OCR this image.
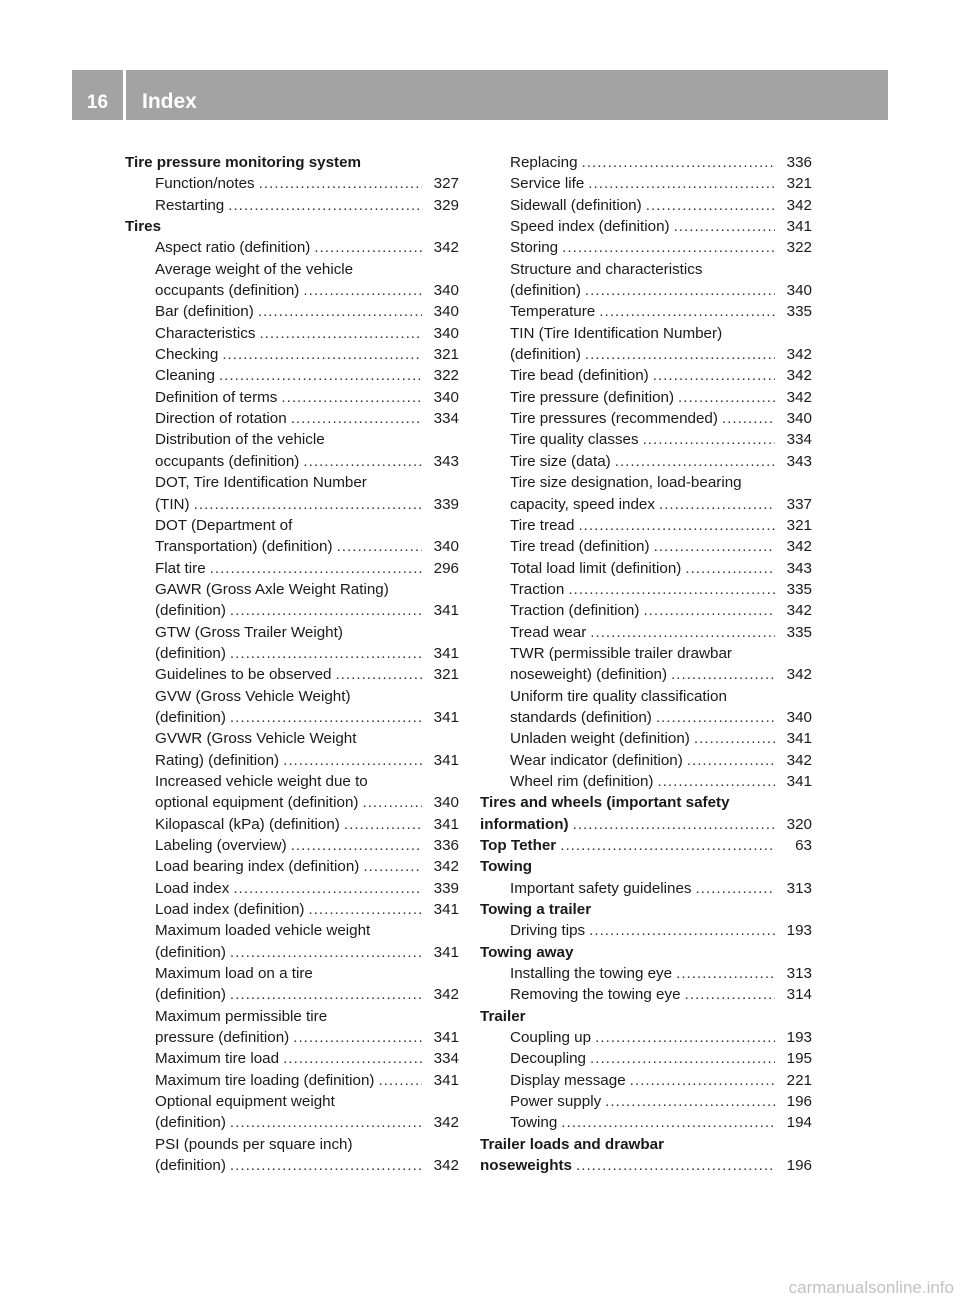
16	Index
Tire pressure monitoring system
Function/notes .....	327
Restarting .....	329
Tires
Aspect ratio (definition) .....	342
Average weight of the vehicle
occupants (definition) .....	340
Bar (definition) .....	340
Characteristics .....	340
Checking .....	321
Cleaning .....	322
Definition of terms .....	340
Direction of rotation .....	334
Distribution of the vehicle
occupants (definition) .....	343
DOT, Tire Identification Number
(TIN) .....	339
DOT (Department of
Transportation) (definition) .....	340
Flat tire .....	296
GAWR (Gross Axle Weight Rating)
(definition) .....	341
GTW (Gross Trailer Weight)
(definition) .....	341
Guidelines to be observed .....	321
GVW (Gross Vehicle Weight)
(definition) .....	341
GVWR (Gross Vehicle Weight
Rating) (definition) .....	341
Increased vehicle weight due to
optional equipment (definition) .....	340
Kilopascal (kPa) (definition) .....	341
Labeling (overview) .....	336
Load bearing index (definition) .....	342
Load index .....	339
Load index (definition) .....	341
Maximum loaded vehicle weight
(definition) .....	341
Maximum load on a tire
(definition) .....	342
Maximum permissible tire
pressure (definition) .....	341
Maximum tire load .....	334
Maximum tire loading (definition) .....	341
Optional equipment weight
(definition) .....	342
PSI (pounds per square inch)
(definition) .....	342
Replacing .....	336
Service life .....	321
Sidewall (definition) .....	342
Speed index (definition) .....	341
Storing .....	322
Structure and characteristics
(definition) .....	340
Temperature .....	335
TIN (Tire Identification Number)
(definition) .....	342
Tire bead (definition) .....	342
Tire pressure (definition) .....	342
Tire pressures (recommended) .....	340
Tire quality classes .....	334
Tire size (data) .....	343
Tire size designation, load-bearing
capacity, speed index .....	337
Tire tread .....	321
Tire tread (definition) .....	342
Total load limit (definition) .....	343
Traction .....	335
Traction (definition) .....	342
Tread wear .....	335
TWR (permissible trailer drawbar
noseweight) (definition) .....	342
Uniform tire quality classification
standards (definition) .....	340
Unladen weight (definition) .....	341
Wear indicator (definition) .....	342
Wheel rim (definition) .....	341
Tires and wheels (important safety
information) .....	320
Top Tether .....	63
Towing
Important safety guidelines .....	313
Towing a trailer
Driving tips .....	193
Towing away
Installing the towing eye .....	313
Removing the towing eye .....	314
Trailer
Coupling up .....	193
Decoupling .....	195
Display message .....	221
Power supply .....	196
Towing .....	194
Trailer loads and drawbar
noseweights .....	196
carmanualsonline.info
